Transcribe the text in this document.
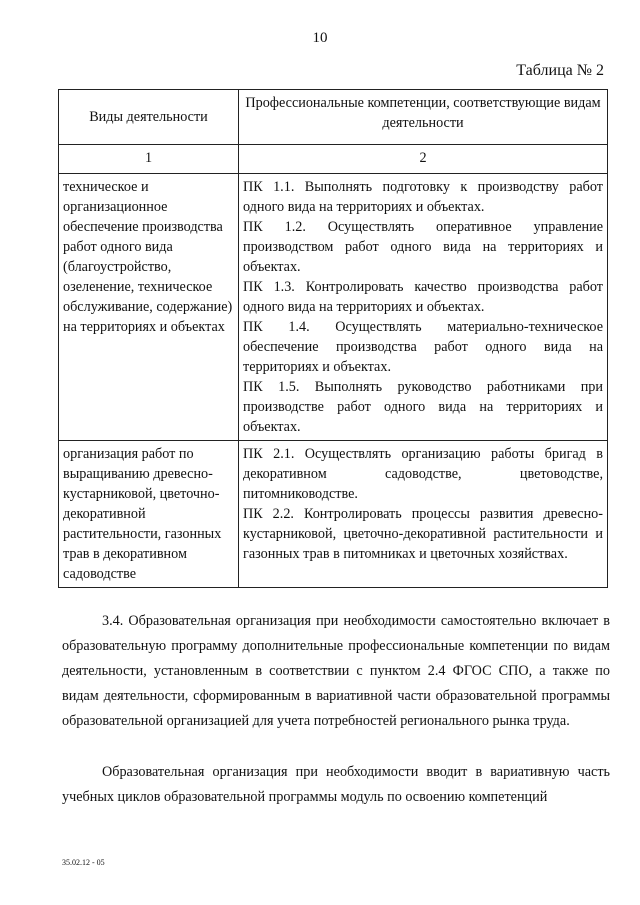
10
Таблица № 2
Виды деятельности	Профессиональные компетенции, соответствующие видам деятельности
1	2
техническое и организационное обеспечение производства работ одного вида (благоустройство, озеленение, техническое обслуживание, содержание) на территориях и объектах	ПК 1.1. Выполнять подготовку к производству работ одного вида на территориях и объектах.
ПК 1.2. Осуществлять оперативное управление производством работ одного вида на территориях и объектах.
ПК 1.3. Контролировать качество производства работ одного вида на территориях и объектах.
ПК 1.4. Осуществлять материально-техническое обеспечение производства работ одного вида на территориях и объектах.
ПК 1.5. Выполнять руководство работниками при производстве работ одного вида на территориях и объектах.

организация работ по выращиванию древесно-кустарниковой, цветочно-декоративной растительности, газонных трав в декоративном садоводстве	ПК 2.1. Осуществлять организацию работы бригад в декоративном садоводстве, цветоводстве, питомниководстве.
ПК 2.2. Контролировать процессы развития древесно-кустарниковой, цветочно-декоративной растительности и газонных трав в питомниках и цветочных хозяйствах.
3.4. Образовательная организация при необходимости самостоятельно включает в образовательную программу дополнительные профессиональные компетенции по видам деятельности, установленным в соответствии с пунктом 2.4 ФГОС СПО, а также по видам деятельности, сформированным в вариативной части образовательной программы образовательной организацией для учета потребностей регионального рынка труда.
Образовательная организация при необходимости вводит в вариативную часть учебных циклов образовательной программы модуль по освоению компетенций
35.02.12 - 05
